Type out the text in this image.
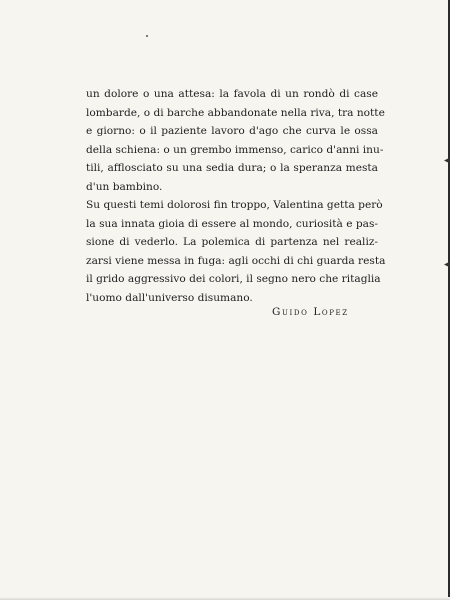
un dolore o una attesa: la favola di un rondò di case
lombarde, o di barche abbandonate nella riva, tra notte
e giorno: o il paziente lavoro d'ago che curva le ossa
della schiena: o un grembo immenso, carico d'anni inu-
tili, afflosciato su una sedia dura; o la speranza mesta
d'un bambino.
Su questi temi dolorosi fin troppo, Valentina getta però
la sua innata gioia di essere al mondo, curiosità e pas-
sione di vederlo. La polemica di partenza nel realiz-
zarsi viene messa in fuga: agli occhi di chi guarda resta
il grido aggressivo dei colori, il segno nero che ritaglia
l'uomo dall'universo disumano.
Guido Lopez
